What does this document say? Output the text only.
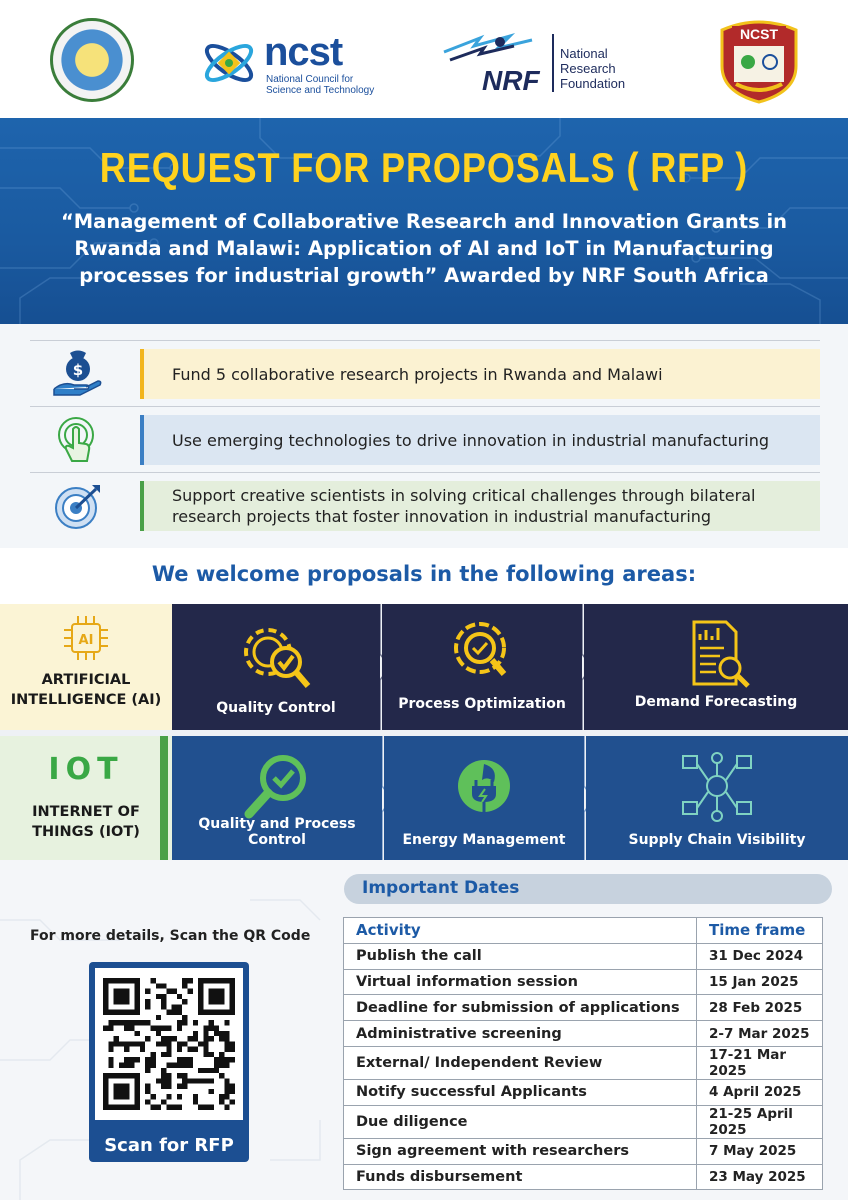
ncst
National Council for Science and Technology	NRF
National
Research
Foundation
NCST
REQUEST FOR PROPOSALS ( RFP )
“Management of Collaborative Research and Innovation Grants in Rwanda and Malawi: Application of AI and IoT in Manufacturing processes for industrial growth” Awarded by NRF South Africa
$	Fund 5 collaborative research projects in Rwanda and Malawi
Use emerging technologies to drive innovation in industrial manufacturing
Support creative scientists in solving critical challenges through bilateral research projects that foster innovation in industrial manufacturing
We welcome proposals in the following areas:
AI
ARTIFICIAL
INTELLIGENCE (AI)	Quality Control	Process Optimization	Demand Forecasting
IOT
INTERNET OF
THINGS (IOT)	Quality and Process Control	Energy Management	Supply Chain Visibility
For more details, Scan the QR Code
Scan for RFP
Important Dates
Activity	Time frame
Publish the call	31 Dec 2024
Virtual information session	15 Jan 2025
Deadline for submission of applications	28 Feb 2025
Administrative screening	2-7 Mar 2025
External/ Independent Review	17-21 Mar 2025
Notify successful Applicants	4 April 2025
Due diligence	21-25 April 2025
Sign agreement with researchers	7 May 2025
Funds disbursement	23 May 2025
